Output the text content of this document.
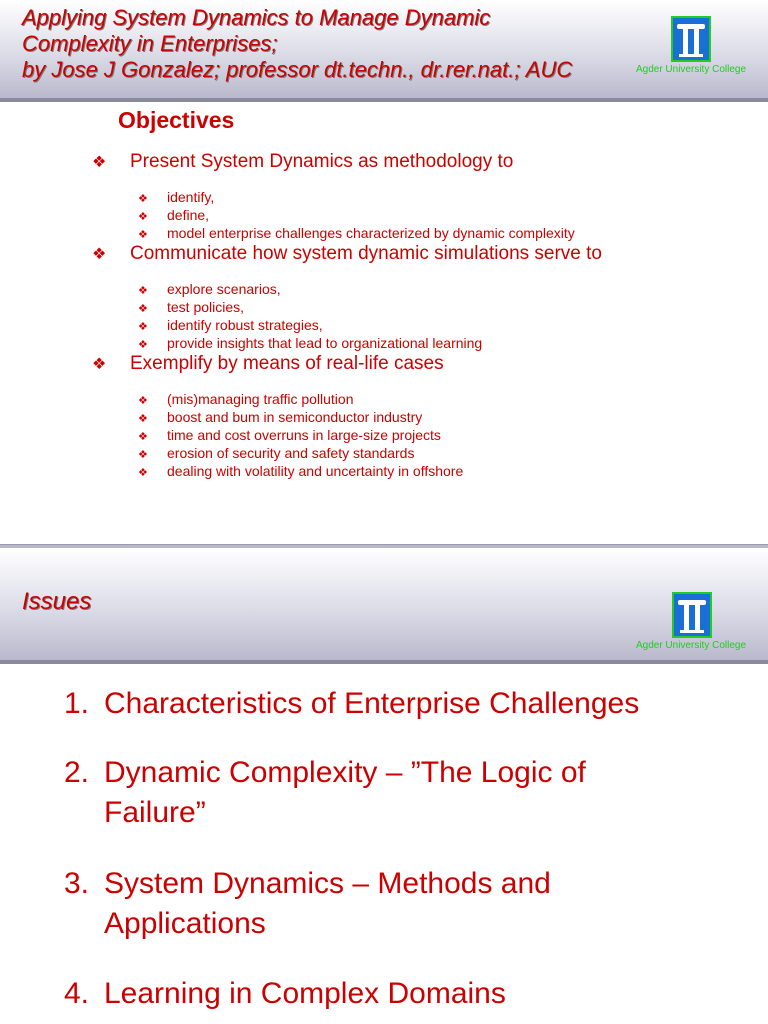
Applying System Dynamics to Manage Dynamic
Complexity in Enterprises;
by Jose J Gonzalez; professor dt.techn., dr.rer.nat.; AUC	Agder University College
Objectives
❖ Present System Dynamics as methodology to
❖ identify,
❖ define,
❖ model enterprise challenges characterized by dynamic complexity
❖ Communicate how system dynamic simulations serve to
❖ explore scenarios,
❖ test policies,
❖ identify robust strategies,
❖ provide insights that lead to organizational learning
❖ Exemplify by means of real-life cases
❖ (mis)managing traffic pollution
❖ boost and bum in semiconductor industry
❖ time and cost overruns in large-size projects
❖ erosion of security and safety standards
❖ dealing with volatility and uncertainty in offshore
Issues
Agder University College
1. Characteristics of Enterprise Challenges
2. Dynamic Complexity – ”The Logic of Failure”
3. System Dynamics – Methods and Applications
4. Learning in Complex Domains
